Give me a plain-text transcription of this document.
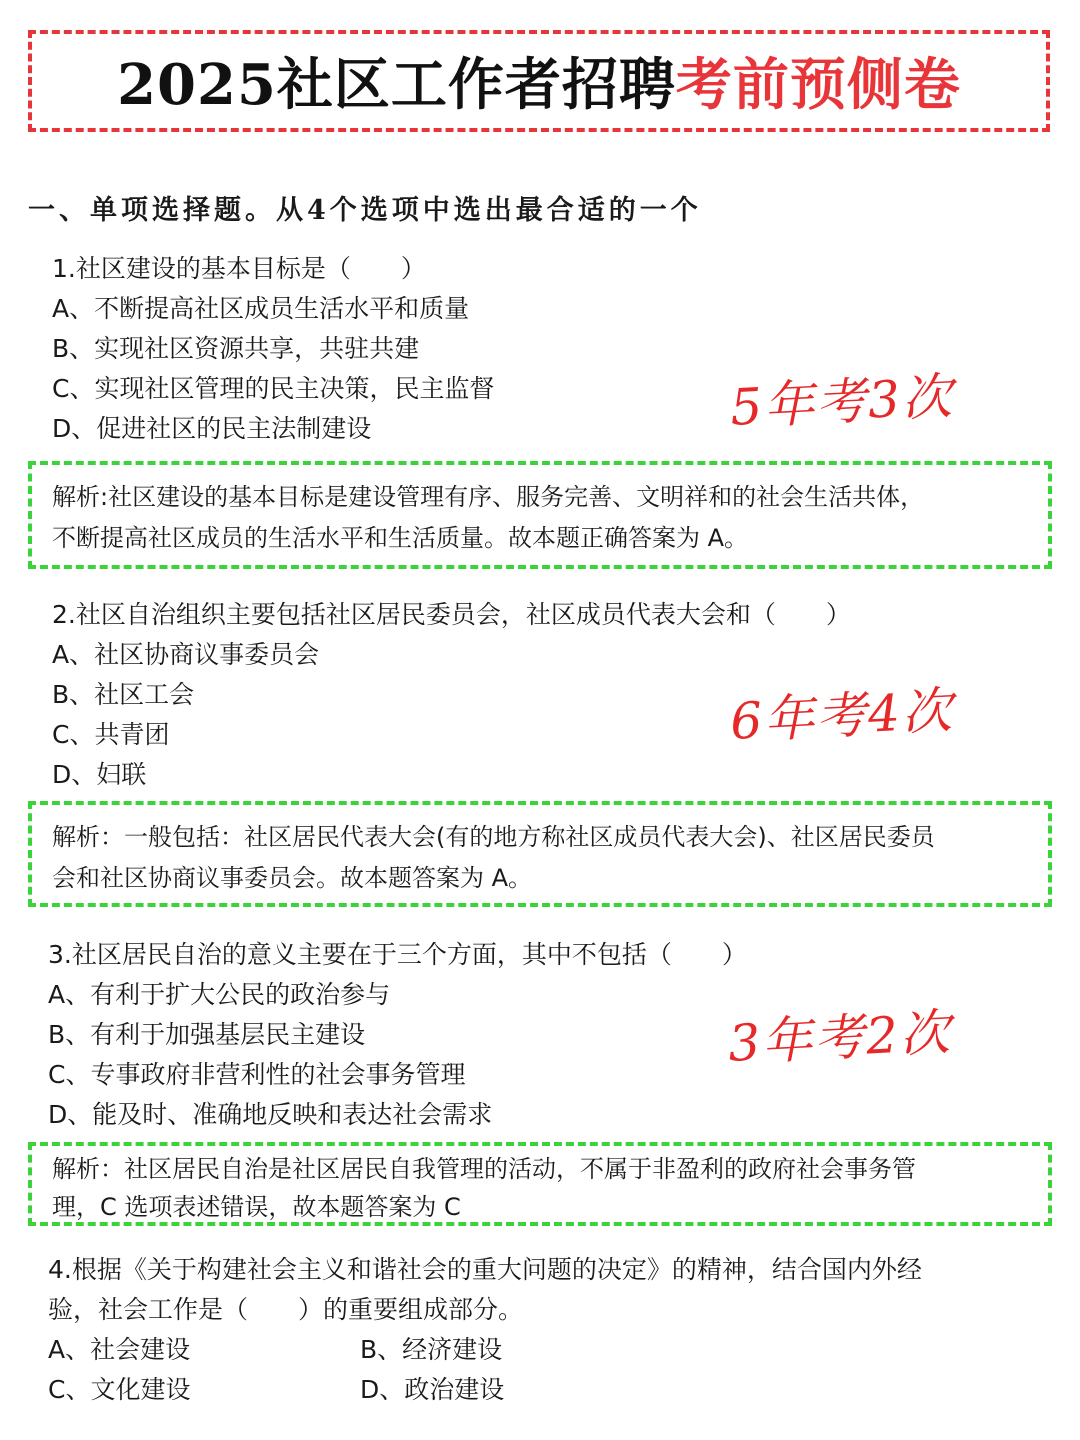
2025社区工作者招聘考前预侧卷
一、单项选择题。从4个选项中选出最合适的一个
1.社区建设的基本目标是（　　）
A、不断提高社区成员生活水平和质量
B、实现社区资源共享，共驻共建
C、实现社区管理的民主决策，民主监督
D、促进社区的民主法制建设	5年考3次
解析:社区建设的基本目标是建设管理有序、服务完善、文明祥和的社会生活共体，
不断提高社区成员的生活水平和生活质量。故本题正确答案为 A。
2.社区自治组织主要包括社区居民委员会，社区成员代表大会和（　　）
A、社区协商议事委员会
B、社区工会
C、共青团
D、妇联
6年考4次
解析：一般包括：社区居民代表大会(有的地方称社区成员代表大会)、社区居民委员
会和社区协商议事委员会。故本题答案为 A。
3.社区居民自治的意义主要在于三个方面，其中不包括（　　）
A、有利于扩大公民的政治参与
B、有利于加强基层民主建设
C、专事政府非营利性的社会事务管理
D、能及时、准确地反映和表达社会需求
3年考2次
解析：社区居民自治是社区居民自我管理的活动，不属于非盈利的政府社会事务管
理，C 选项表述错误，故本题答案为 C
4.根据《关于构建社会主义和谐社会的重大问题的决定》的精神，结合国内外经
验，社会工作是（　　）的重要组成部分。
A、社会建设	B、经济建设
C、文化建设	D、政治建设
